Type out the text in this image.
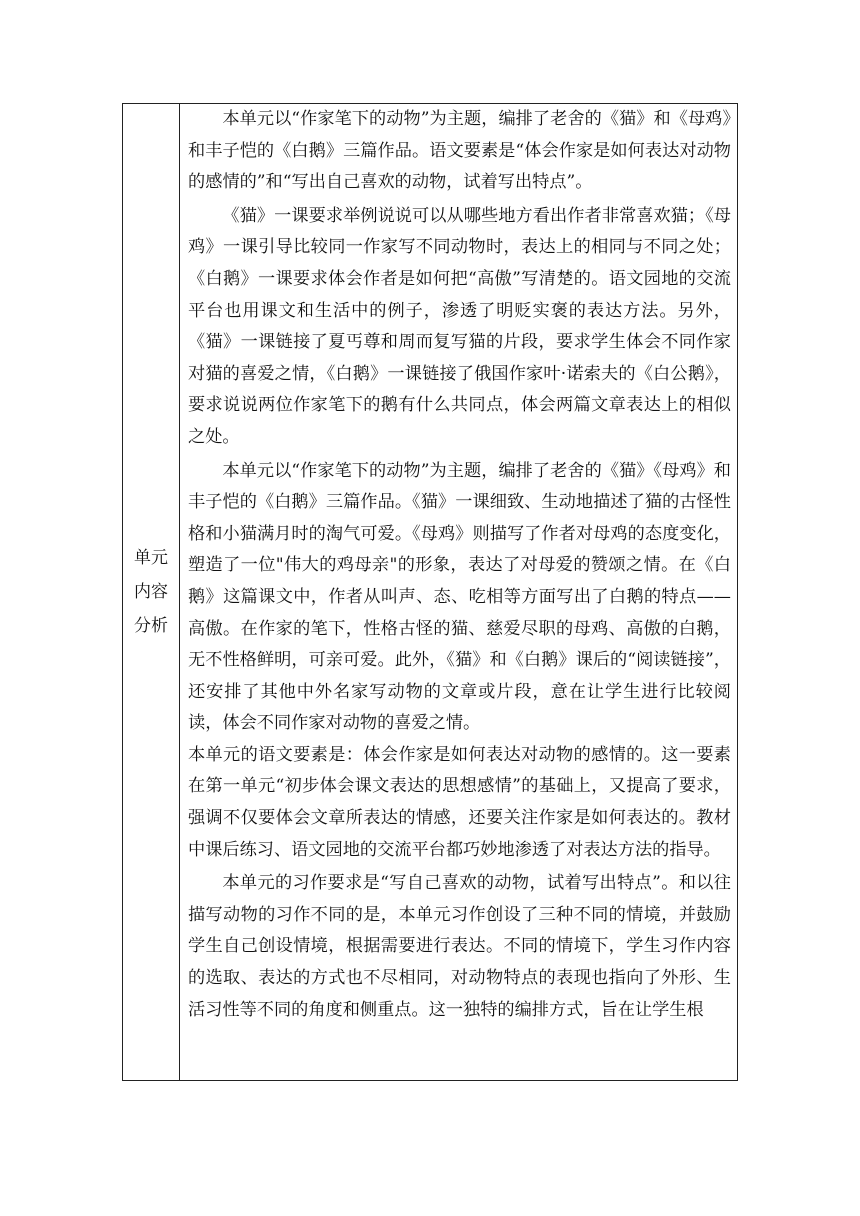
单元内容分析

本单元以“作家笔下的动物”为主题，编排了老舍的《猫》和《母鸡》和丰子恺的《白鹅》三篇作品。语文要素是“体会作家是如何表达对动物的感情的”和“写出自己喜欢的动物，试着写出特点”。

《猫》一课要求举例说说可以从哪些地方看出作者非常喜欢猫；《母鸡》一课引导比较同一作家写不同动物时，表达上的相同与不同之处；《白鹅》一课要求体会作者是如何把“高傲”写清楚的。语文园地的交流平台也用课文和生活中的例子，渗透了明贬实褒的表达方法。另外，《猫》一课链接了夏丐尊和周而复写猫的片段，要求学生体会不同作家对猫的喜爱之情，《白鹅》一课链接了俄国作家叶·诺索夫的《白公鹅》，要求说说两位作家笔下的鹅有什么共同点，体会两篇文章表达上的相似之处。

本单元以“作家笔下的动物”为主题，编排了老舍的《猫》《母鸡》和丰子恺的《白鹅》三篇作品。《猫》一课细致、生动地描述了猫的古怪性格和小猫满月时的淘气可爱。《母鸡》则描写了作者对母鸡的态度变化，塑造了一位"伟大的鸡母亲"的形象，表达了对母爱的赞颂之情。在《白鹅》这篇课文中，作者从叫声、态、吃相等方面写出了白鹅的特点——高傲。在作家的笔下，性格古怪的猫、慈爱尽职的母鸡、高傲的白鹅，无不性格鲜明，可亲可爱。此外，《猫》和《白鹅》课后的“阅读链接”，还安排了其他中外名家写动物的文章或片段，意在让学生进行比较阅读，体会不同作家对动物的喜爱之情。

本单元的语文要素是：体会作家是如何表达对动物的感情的。这一要素在第一单元“初步体会课文表达的思想感情”的基础上，又提高了要求，强调不仅要体会文章所表达的情感，还要关注作家是如何表达的。教材中课后练习、语文园地的交流平台都巧妙地渗透了对表达方法的指导。

本单元的习作要求是“写自己喜欢的动物，试着写出特点”。和以往描写动物的习作不同的是，本单元习作创设了三种不同的情境，并鼓励学生自己创设情境，根据需要进行表达。不同的情境下，学生习作内容的选取、表达的方式也不尽相同，对动物特点的表现也指向了外形、生活习性等不同的角度和侧重点。这一独特的编排方式，旨在让学生根
